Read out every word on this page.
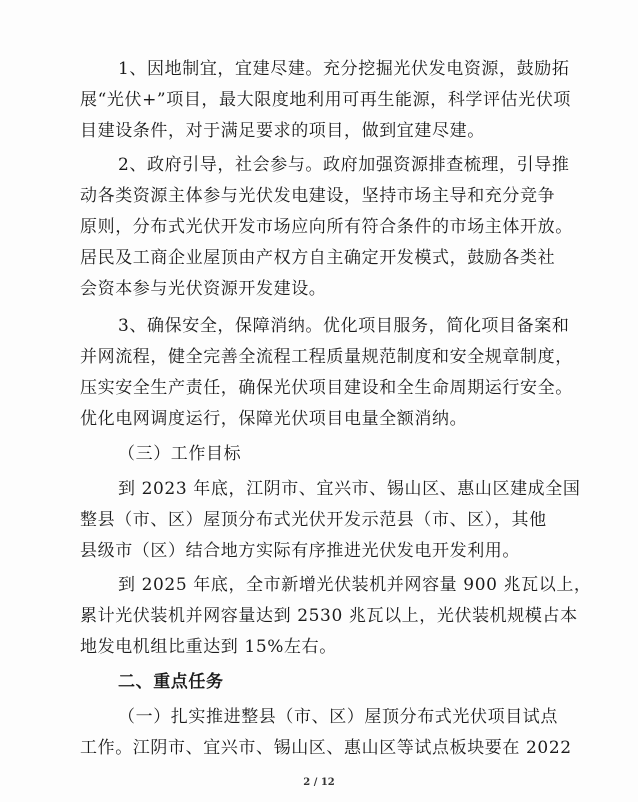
1、因地制宜，宜建尽建。充分挖掘光伏发电资源，鼓励拓

展“光伏+”项目，最大限度地利用可再生能源，科学评估光伏项

目建设条件，对于满足要求的项目，做到宜建尽建。

2、政府引导，社会参与。政府加强资源排查梳理，引导推

动各类资源主体参与光伏发电建设，坚持市场主导和充分竞争

原则，分布式光伏开发市场应向所有符合条件的市场主体开放。

居民及工商企业屋顶由产权方自主确定开发模式，鼓励各类社

会资本参与光伏资源开发建设。

3、确保安全，保障消纳。优化项目服务，简化项目备案和

并网流程，健全完善全流程工程质量规范制度和安全规章制度，

压实安全生产责任，确保光伏项目建设和全生命周期运行安全。

优化电网调度运行，保障光伏项目电量全额消纳。

（三）工作目标

到 2023 年底，江阴市、宜兴市、锡山区、惠山区建成全国

整县（市、区）屋顶分布式光伏开发示范县（市、区），其他

县级市（区）结合地方实际有序推进光伏发电开发利用。

到 2025 年底，全市新增光伏装机并网容量 900 兆瓦以上，

累计光伏装机并网容量达到 2530 兆瓦以上，光伏装机规模占本

地发电机组比重达到 15%左右。

二、重点任务

（一）扎实推进整县（市、区）屋顶分布式光伏项目试点

工作。江阴市、宜兴市、锡山区、惠山区等试点板块要在 2022

2 / 12
